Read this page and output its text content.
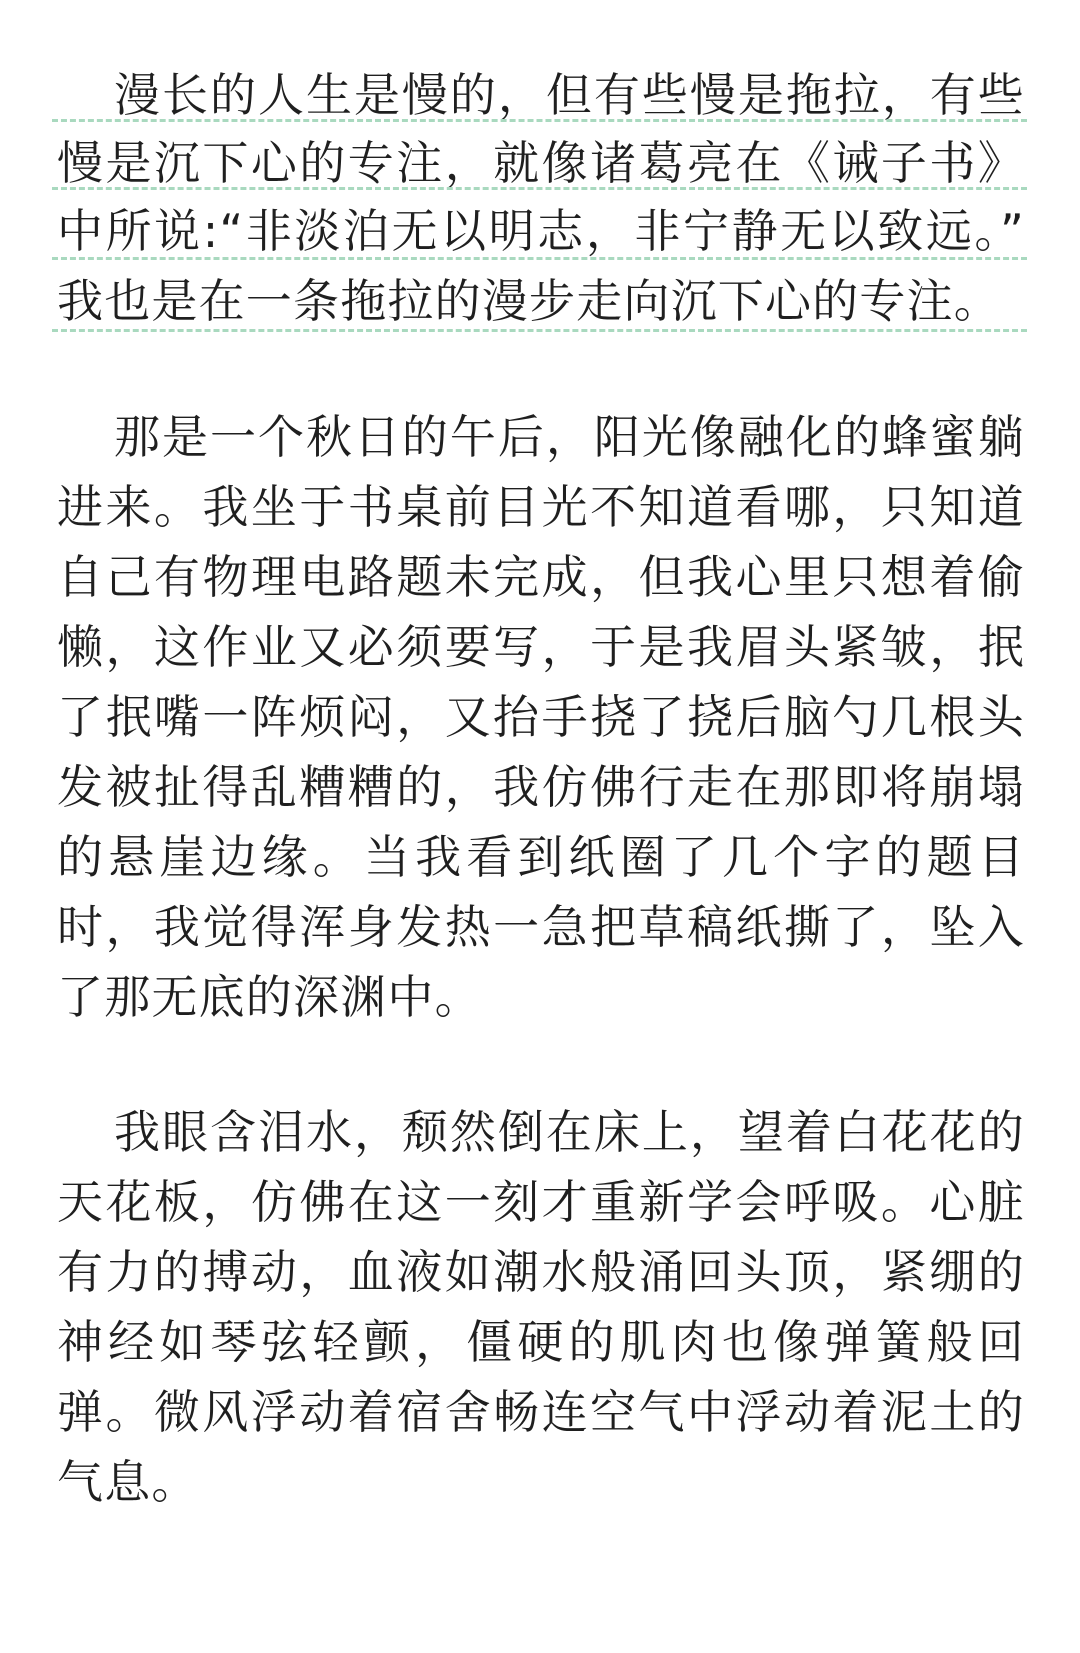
漫长的人生是慢的，但有些慢是拖拉，有些
慢是沉下心的专注，就像诸葛亮在《诫子书》
中所说:“非淡泊无以明志，非宁静无以致远。”
我也是在一条拖拉的漫步走向沉下心的专注。
那是一个秋日的午后，阳光像融化的蜂蜜躺
进来。我坐于书桌前目光不知道看哪，只知道
自己有物理电路题未完成，但我心里只想着偷
懒，这作业又必须要写，于是我眉头紧皱，抿
了抿嘴一阵烦闷，又抬手挠了挠后脑勺几根头
发被扯得乱糟糟的，我仿佛行走在那即将崩塌
的悬崖边缘。当我看到纸圈了几个字的题目
时，我觉得浑身发热一急把草稿纸撕了，坠入
了那无底的深渊中。
我眼含泪水，颓然倒在床上，望着白花花的
天花板，仿佛在这一刻才重新学会呼吸。心脏
有力的搏动，血液如潮水般涌回头顶，紧绷的
神经如琴弦轻颤，僵硬的肌肉也像弹簧般回
弹。微风浮动着宿舍畅连空气中浮动着泥土的
气息。
